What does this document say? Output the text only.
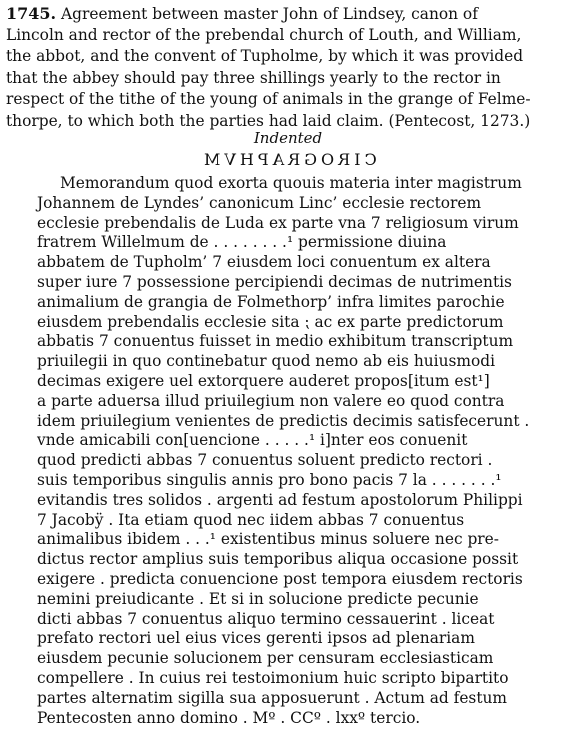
1745. Agreement between master John of Lindsey, canon of
Lincoln and rector of the prebendal church of Louth, and William,
the abbot, and the convent of Tupholme, by which it was provided
that the abbey should pay three shillings yearly to the rector in
respect of the tithe of the young of animals in the grange of Felme-
thorpe, to which both the parties had laid claim. (Pentecost, 1273.)
Indented
CIROGRAPHVM
Memorandum quod exorta quouis materia inter magistrum
Johannem de Lyndes’ canonicum Linc’ ecclesie rectorem
ecclesie prebendalis de Luda ex parte vna 7 religiosum virum
fratrem Willelmum de . . . . . . . .¹ permissione diuina
abbatem de Tupholm’ 7 eiusdem loci conuentum ex altera
super iure 7 possessione percipiendi decimas de nutrimentis
animalium de grangia de Folmethorp’ infra limites parochie
eiusdem prebendalis ecclesie sita ⁏ ac ex parte predictorum
abbatis 7 conuentus fuisset in medio exhibitum transcriptum
priuilegii in quo continebatur quod nemo ab eis huiusmodi
decimas exigere uel extorquere auderet propos[itum est¹]
a parte aduersa illud priuilegium non valere eo quod contra
idem priuilegium venientes de predictis decimis satisfecerunt .
vnde amicabili con[uencione . . . . .¹ i]nter eos conuenit
quod predicti abbas 7 conuentus soluent predicto rectori .
suis temporibus singulis annis pro bono pacis 7 la . . . . . . .¹
evitandis tres solidos . argenti ad festum apostolorum Philippi
7 Jacobÿ . Ita etiam quod nec iidem abbas 7 conuentus
animalibus ibidem . . .¹ existentibus minus soluere nec pre-
dictus rector amplius suis temporibus aliqua occasione possit
exigere . predicta conuencione post tempora eiusdem rectoris
nemini preiudicante . Et si in solucione predicte pecunie
dicti abbas 7 conuentus aliquo termino cessauerint . liceat
prefato rectori uel eius vices gerenti ipsos ad plenariam
eiusdem pecunie solucionem per censuram ecclesiasticam
compellere . In cuius rei testoimonium huic scripto bipartito
partes alternatim sigilla sua apposuerunt . Actum ad festum
Pentecosten anno domino . Mº . CCº . lxxº tercio.
